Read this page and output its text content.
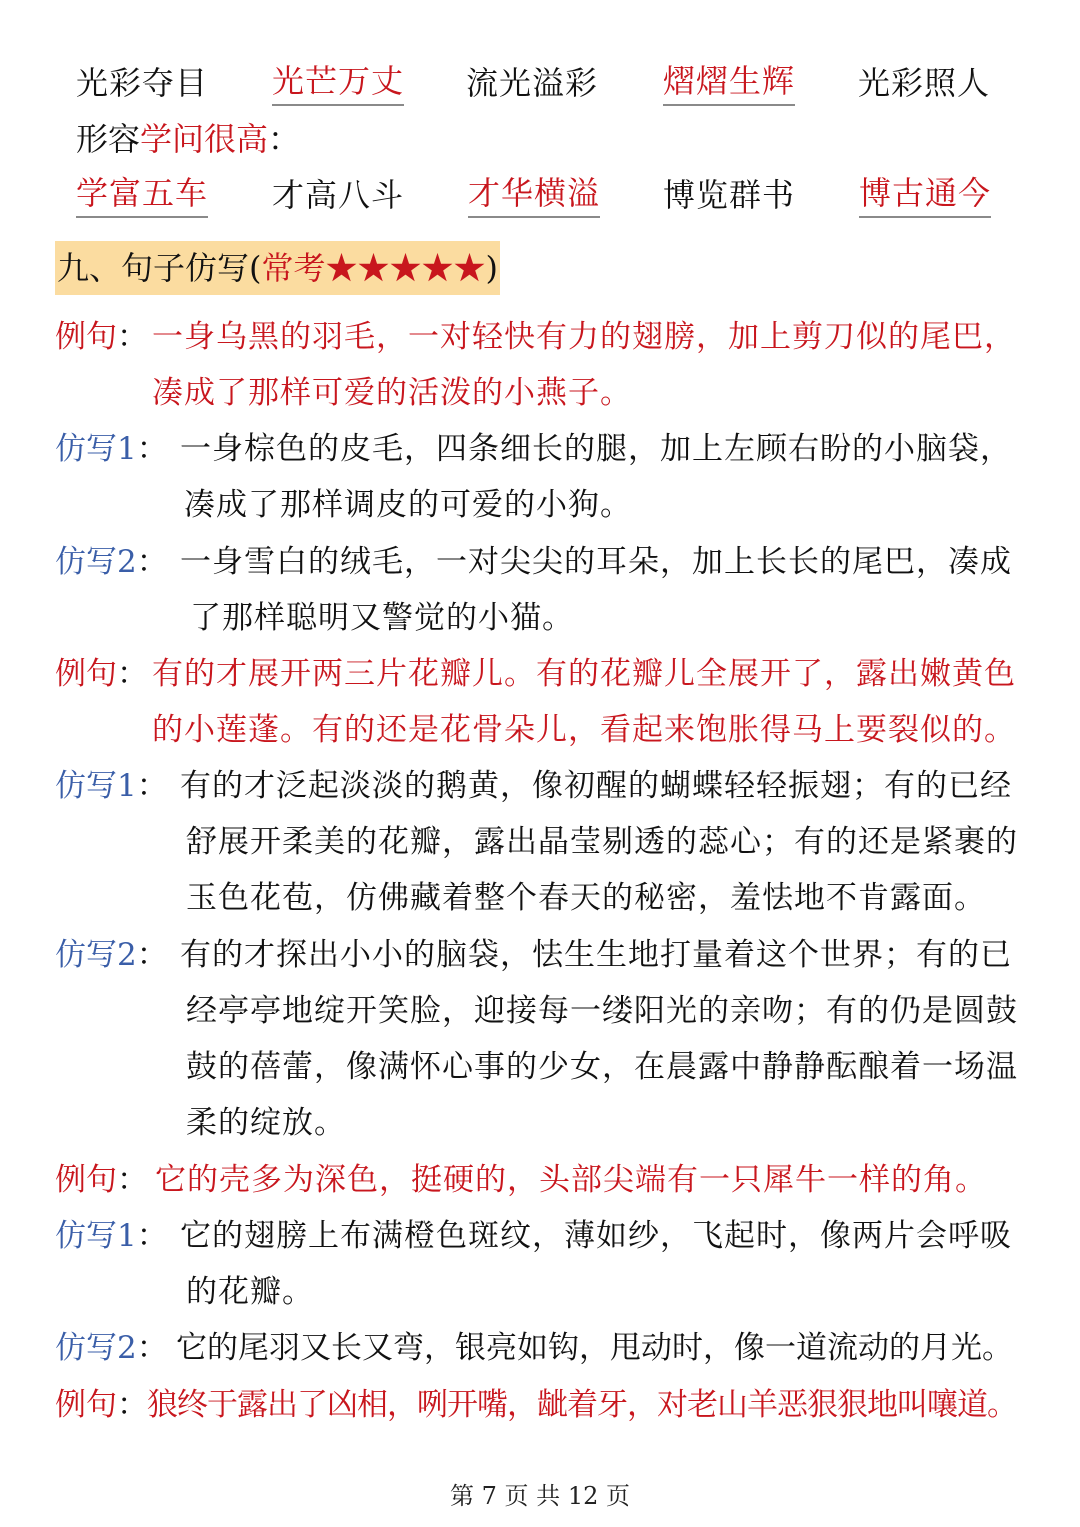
光彩夺目 光芒万丈 流光溢彩 熠熠生辉 光彩照人
形容学问很高：
学富五车 才高八斗 才华横溢 博览群书 博古通今
九、句子仿写(常考★★★★★)
例句： 一身乌黑的羽毛，一对轻快有力的翅膀，加上剪刀似的尾巴，
凑成了那样可爱的活泼的小燕子。
仿写1： 一身棕色的皮毛，四条细长的腿，加上左顾右盼的小脑袋，
凑成了那样调皮的可爱的小狗。
仿写2： 一身雪白的绒毛，一对尖尖的耳朵，加上长长的尾巴，凑成
了那样聪明又警觉的小猫。
例句： 有的才展开两三片花瓣儿。有的花瓣儿全展开了，露出嫩黄色
的小莲蓬。有的还是花骨朵儿，看起来饱胀得马上要裂似的。
仿写1： 有的才泛起淡淡的鹅黄，像初醒的蝴蝶轻轻振翅；有的已经
舒展开柔美的花瓣，露出晶莹剔透的蕊心；有的还是紧裹的
玉色花苞，仿佛藏着整个春天的秘密，羞怯地不肯露面。
仿写2： 有的才探出小小的脑袋，怯生生地打量着这个世界；有的已
经亭亭地绽开笑脸，迎接每一缕阳光的亲吻；有的仍是圆鼓
鼓的蓓蕾，像满怀心事的少女，在晨露中静静酝酿着一场温
柔的绽放。
例句： 它的壳多为深色，挺硬的，头部尖端有一只犀牛一样的角。
仿写1： 它的翅膀上布满橙色斑纹，薄如纱，飞起时，像两片会呼吸
的花瓣。
仿写2： 它的尾羽又长又弯，银亮如钩，甩动时，像一道流动的月光。
例句： 狼终于露出了凶相，咧开嘴，龇着牙，对老山羊恶狠狠地叫嚷道。
第 7 页 共 12 页
